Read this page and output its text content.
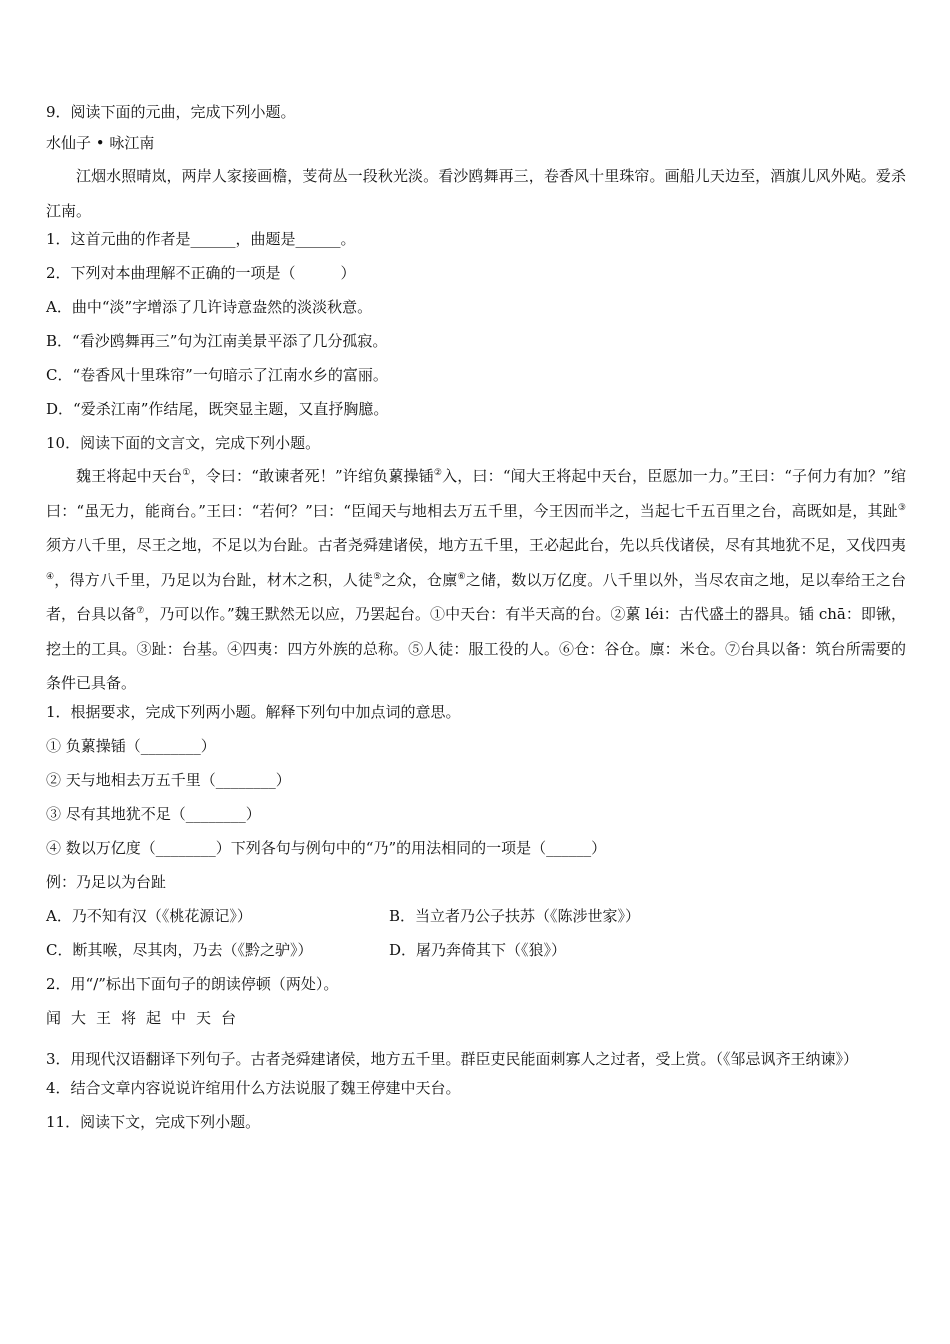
9．阅读下面的元曲，完成下列小题。

水仙子 • 咏江南

江烟水照晴岚，两岸人家接画檐，芰荷丛一段秋光淡。看沙鸥舞再三，卷香风十里珠帘。画船儿天边至，酒旗儿风外飐。爱杀江南。

1．这首元曲的作者是______，曲题是______。

2．下列对本曲理解不正确的一项是（　　　）

A．曲中“淡”字增添了几许诗意盎然的淡淡秋意。

B．“看沙鸥舞再三”句为江南美景平添了几分孤寂。

C．“卷香风十里珠帘”一句暗示了江南水乡的富丽。

D．“爱杀江南”作结尾，既突显主题，又直抒胸臆。

10．阅读下面的文言文，完成下列小题。

魏王将起中天台①，令曰：“敢谏者死！”许绾负蔂操锸②入，曰：“闻大王将起中天台，臣愿加一力。”王曰：“子何力有加？”绾曰：“虽无力，能商台。”王曰：“若何？”曰：“臣闻天与地相去万五千里，今王因而半之，当起七千五百里之台，高既如是，其趾③须方八千里，尽王之地，不足以为台趾。古者尧舜建诸侯，地方五千里，王必起此台，先以兵伐诸侯，尽有其地犹不足，又伐四夷④，得方八千里，乃足以为台趾，材木之积，人徒⑤之众，仓廪⑥之储，数以万亿度。八千里以外，当尽农亩之地，足以奉给王之台者，台具以备⑦，乃可以作。”魏王默然无以应，乃罢起台。①中天台：有半天高的台。②蔂 léi：古代盛土的器具。锸 chā：即锹，挖土的工具。③趾：台基。④四夷：四方外族的总称。⑤人徒：服工役的人。⑥仓：谷仓。廪：米仓。⑦台具以备：筑台所需要的条件已具备。

1．根据要求，完成下列两小题。解释下列句中加点词的意思。

① 负蔂操锸（________）

② 天与地相去万五千里（________）

③ 尽有其地犹不足（________）

④ 数以万亿度（________）下列各句与例句中的“乃”的用法相同的一项是（______）

例：乃足以为台趾

A．乃不知有汉（《桃花源记》）	B．当立者乃公子扶苏（《陈涉世家》）
C．断其喉，尽其肉，乃去（《黔之驴》）	D．屠乃奔倚其下（《狼》）

2．用“/”标出下面句子的朗读停顿（两处）。

闻大王将起中天台

3．用现代汉语翻译下列句子。古者尧舜建诸侯，地方五千里。群臣吏民能面刺寡人之过者，受上赏。（《邹忌讽齐王纳谏》）

4．结合文章内容说说许绾用什么方法说服了魏王停建中天台。

11．阅读下文，完成下列小题。
